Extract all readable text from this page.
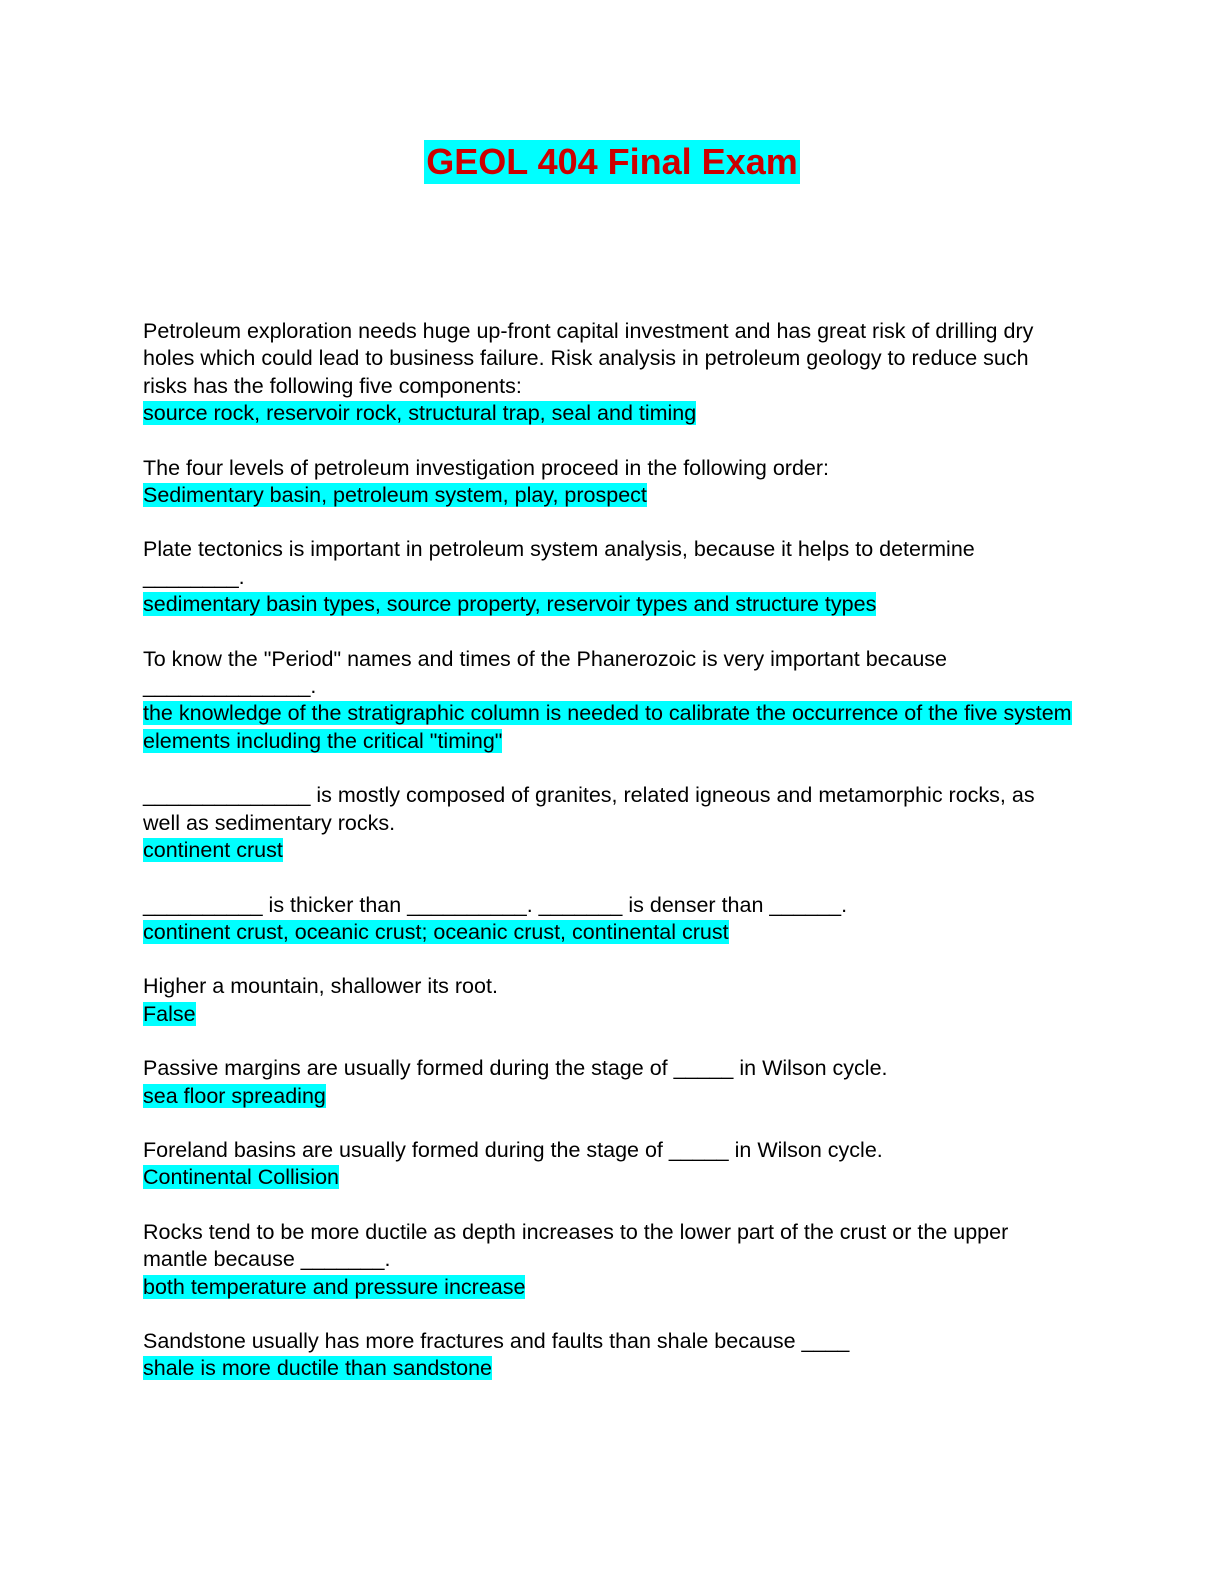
GEOL 404 Final Exam
Petroleum exploration needs huge up-front capital investment and has great risk of drilling dry holes which could lead to business failure. Risk analysis in petroleum geology to reduce such risks has the following five components:
source rock, reservoir rock, structural trap, seal and timing
The four levels of petroleum investigation proceed in the following order:
Sedimentary basin, petroleum system, play, prospect
Plate tectonics is important in petroleum system analysis, because it helps to determine ________.
sedimentary basin types, source property, reservoir types and structure types
To know the "Period" names and times of the Phanerozoic is very important because ______________.
the knowledge of the stratigraphic column is needed to calibrate the occurrence of the five system elements including the critical "timing"
______________ is mostly composed of granites, related igneous and metamorphic rocks, as well as sedimentary rocks.
continent crust
__________ is thicker than __________. _______ is denser than ______.
continent crust, oceanic crust; oceanic crust, continental crust
Higher a mountain, shallower its root.
False
Passive margins are usually formed during the stage of _____ in Wilson cycle.
sea floor spreading
Foreland basins are usually formed during the stage of _____ in Wilson cycle.
Continental Collision
Rocks tend to be more ductile as depth increases to the lower part of the crust or the upper mantle because _______.
both temperature and pressure increase
Sandstone usually has more fractures and faults than shale because ____
shale is more ductile than sandstone
